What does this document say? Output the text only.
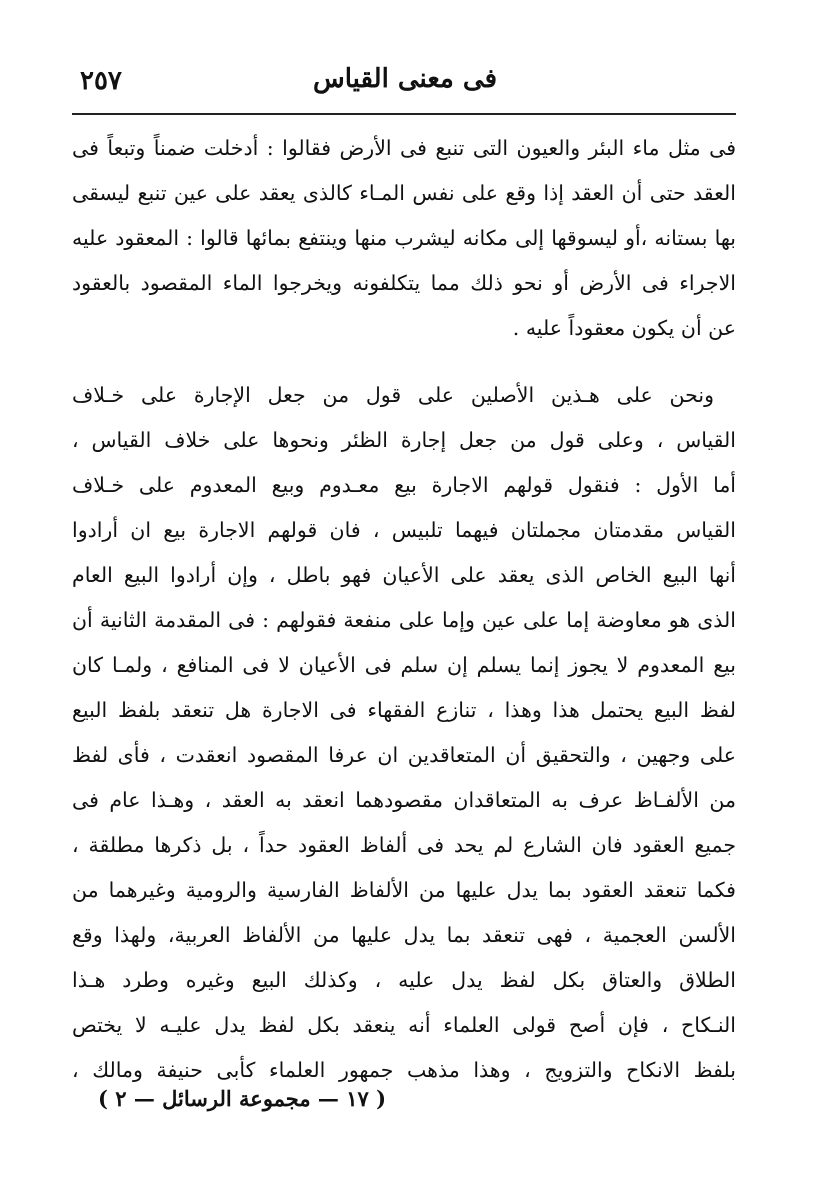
٢٥٧	فى معنى القياس
فى مثل ماء البئر والعيون التى تنبع فى الأرض فقالوا : أدخلت ضمناً وتبعاً فى
العقد حتى أن العقد إذا وقع على نفس المـاء كالذى يعقد على عين تنبع ليسقى
بها بستانه ،أو ليسوقها إلى مكانه ليشرب منها وينتفع بمائها قالوا : المعقود عليه
الاجراء فى الأرض أو نحو ذلك مما يتكلفونه ويخرجوا الماء المقصود بالعقود
عن أن يكون معقوداً عليه .
ونحن على هـذين الأصلين على قول من جعل الإجارة على خـلاف
القياس ، وعلى قول من جعل إجارة الظئر ونحوها على خلاف القياس ،
أما الأول : فنقول قولهم الاجارة بيع معـدوم وبيع المعدوم على خـلاف
القياس مقدمتان مجملتان فيهما تلبيس ، فان قولهم الاجارة بيع ان أرادوا
أنها البيع الخاص الذى يعقد على الأعيان فهو باطل ، وإن أرادوا البيع العام
الذى هو معاوضة إما على عين وإما على منفعة فقولهم : فى المقدمة الثانية أن
بيع المعدوم لا يجوز إنما يسلم إن سلم فى الأعيان لا فى المنافع ، ولمـا كان
لفظ البيع يحتمل هذا وهذا ، تنازع الفقهاء فى الاجارة هل تنعقد بلفظ البيع
على وجهين ، والتحقيق أن المتعاقدين ان عرفا المقصود انعقدت ، فأى لفظ
من الألفـاظ عرف به المتعاقدان مقصودهما انعقد به العقد ، وهـذا عام فى
جميع العقود فان الشارع لم يحد فى ألفاظ العقود حداً ، بل ذكرها مطلقة ،
فكما تنعقد العقود بما يدل عليها من الألفاظ الفارسية والرومية وغيرهما من
الألسن العجمية ، فهى تنعقد بما يدل عليها من الألفاظ العربية، ولهذا وقع
الطلاق والعتاق بكل لفظ يدل عليه ، وكذلك البيع وغيره وطرد هـذا
النـكاح ، فإن أصح قولى العلماء أنه ينعقد بكل لفظ يدل عليـه لا يختص
بلفظ الانكاح والتزويج ، وهذا مذهب جمهور العلماء كأبى حنيفة ومالك ،
( ١٧ — مجموعة الرسائل — ٢ )
